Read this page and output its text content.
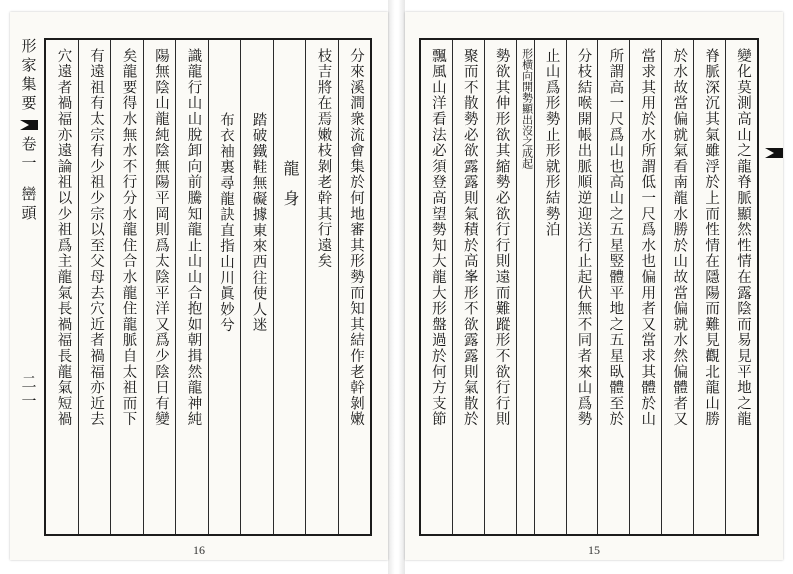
形家集要
卷一
巒頭
二一	分來溪澗衆流會集於何地審其形勢而知其結作老幹剝嫩
枝吉將在焉嫩枝剝老幹其行遠矣
龍身
踏破鐵鞋無礙據東來西往使人迷
布衣袖裏尋龍訣直指山川眞妙兮
識龍行山山脫卸向前騰知龍止山山合抱如朝揖然龍神純
陽無陰山龍純陰無陽平岡則爲太陰平洋又爲少陰日有變
矣龍要得水無水不行分水龍住合水龍住龍脈自太祖而下
有遠祖有太宗有少祖少宗以至父母去穴近者禍福亦近去
穴遠者禍福亦遠論祖以少祖爲主龍氣長禍福長龍氣短禍
16
變化莫測高山之龍脊脈顯然性情在露陰而易見平地之龍
脊脈深沉其氣雖浮於上而性情在隱陽而難見觀北龍山勝
於水故當偏就氣看南龍水勝於山故當偏就水然偏體者又
當求其用於水所謂低一尺爲水也偏用者又當求其體於山
所謂高一尺爲山也高山之五星竪體平地之五星臥體至於
分枝結喉開帳出脈順逆迎送行止起伏無不同者來山爲勢
止山爲形勢止形就形結勢泊
形横向開勢顯出沒之成起
勢欲其伸形欲其縮勢必欲行行則遠而難蹤形不欲行行則
聚而不散勢必欲露露則氣積於高峯形不欲露露則氣散於
飄風山洋看法必須登高望勢知大龍大形盤過於何方支節
15
